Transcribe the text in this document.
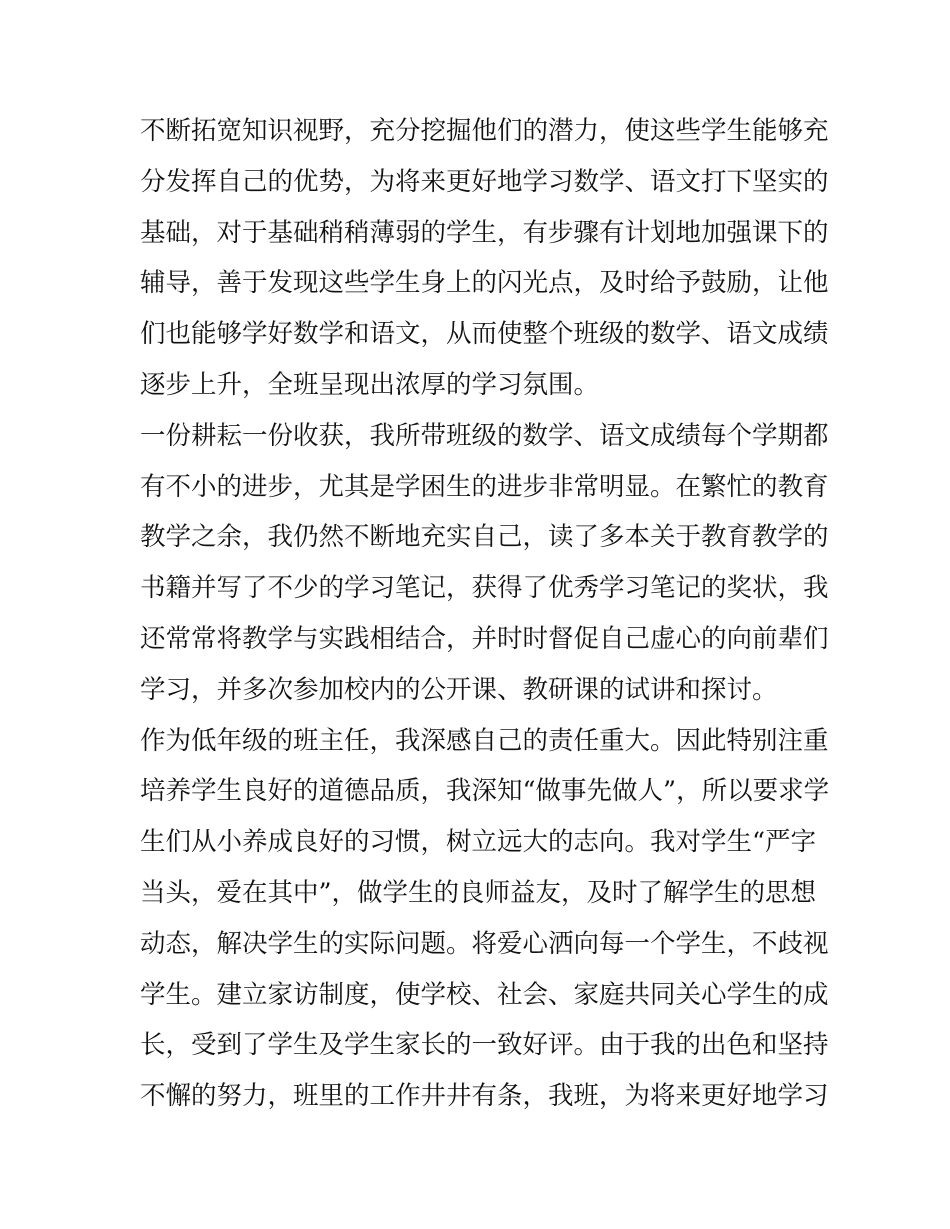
不断拓宽知识视野，充分挖掘他们的潜力，使这些学生能够充
分发挥自己的优势，为将来更好地学习数学、语文打下坚实的
基础，对于基础稍稍薄弱的学生，有步骤有计划地加强课下的
辅导，善于发现这些学生身上的闪光点，及时给予鼓励，让他
们也能够学好数学和语文，从而使整个班级的数学、语文成绩
逐步上升，全班呈现出浓厚的学习氛围。
一份耕耘一份收获，我所带班级的数学、语文成绩每个学期都
有不小的进步，尤其是学困生的进步非常明显。在繁忙的教育
教学之余，我仍然不断地充实自己，读了多本关于教育教学的
书籍并写了不少的学习笔记，获得了优秀学习笔记的奖状，我
还常常将教学与实践相结合，并时时督促自己虚心的向前辈们
学习，并多次参加校内的公开课、教研课的试讲和探讨。
作为低年级的班主任，我深感自己的责任重大。因此特别注重
培养学生良好的道德品质，我深知“做事先做人”，所以要求学
生们从小养成良好的习惯，树立远大的志向。我对学生“严字
当头，爱在其中”，做学生的良师益友，及时了解学生的思想
动态，解决学生的实际问题。将爱心洒向每一个学生，不歧视
学生。建立家访制度，使学校、社会、家庭共同关心学生的成
长，受到了学生及学生家长的一致好评。由于我的出色和坚持
不懈的努力，班里的工作井井有条，我班，为将来更好地学习
